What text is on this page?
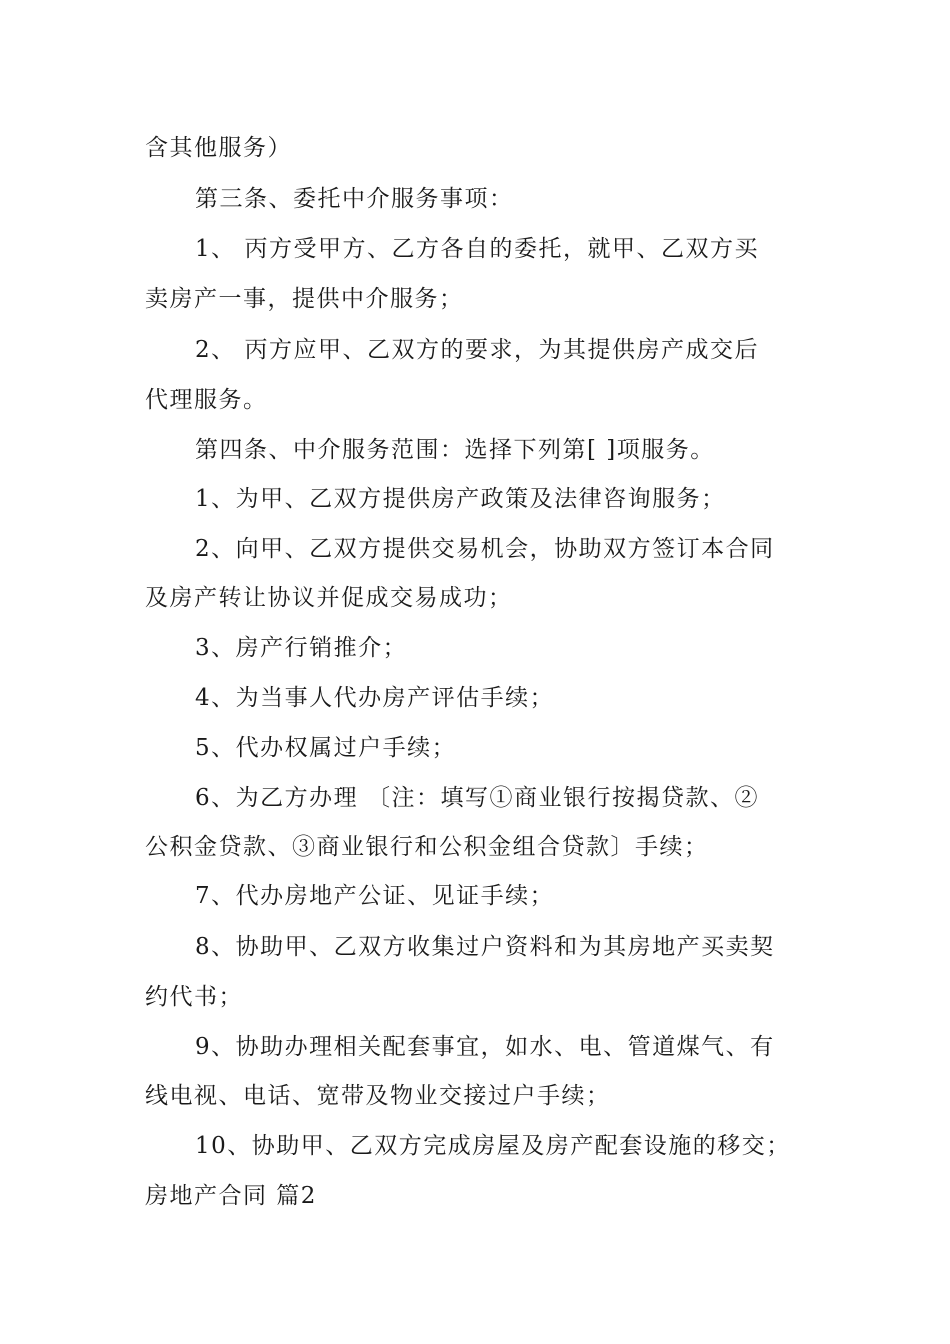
含其他服务）
第三条、委托中介服务事项：
1、 丙方受甲方、乙方各自的委托，就甲、乙双方买
卖房产一事，提供中介服务；
2、 丙方应甲、乙双方的要求，为其提供房产成交后
代理服务。
第四条、中介服务范围：选择下列第[ ]项服务。
1、为甲、乙双方提供房产政策及法律咨询服务；
2、向甲、乙双方提供交易机会，协助双方签订本合同
及房产转让协议并促成交易成功；
3、房产行销推介；
4、为当事人代办房产评估手续；
5、代办权属过户手续；
6、为乙方办理 〔注：填写①商业银行按揭贷款、②
公积金贷款、③商业银行和公积金组合贷款〕手续；
7、代办房地产公证、见证手续；
8、协助甲、乙双方收集过户资料和为其房地产买卖契
约代书；
9、协助办理相关配套事宜，如水、电、管道煤气、有
线电视、电话、宽带及物业交接过户手续；
10、协助甲、乙双方完成房屋及房产配套设施的移交；
房地产合同 篇2
